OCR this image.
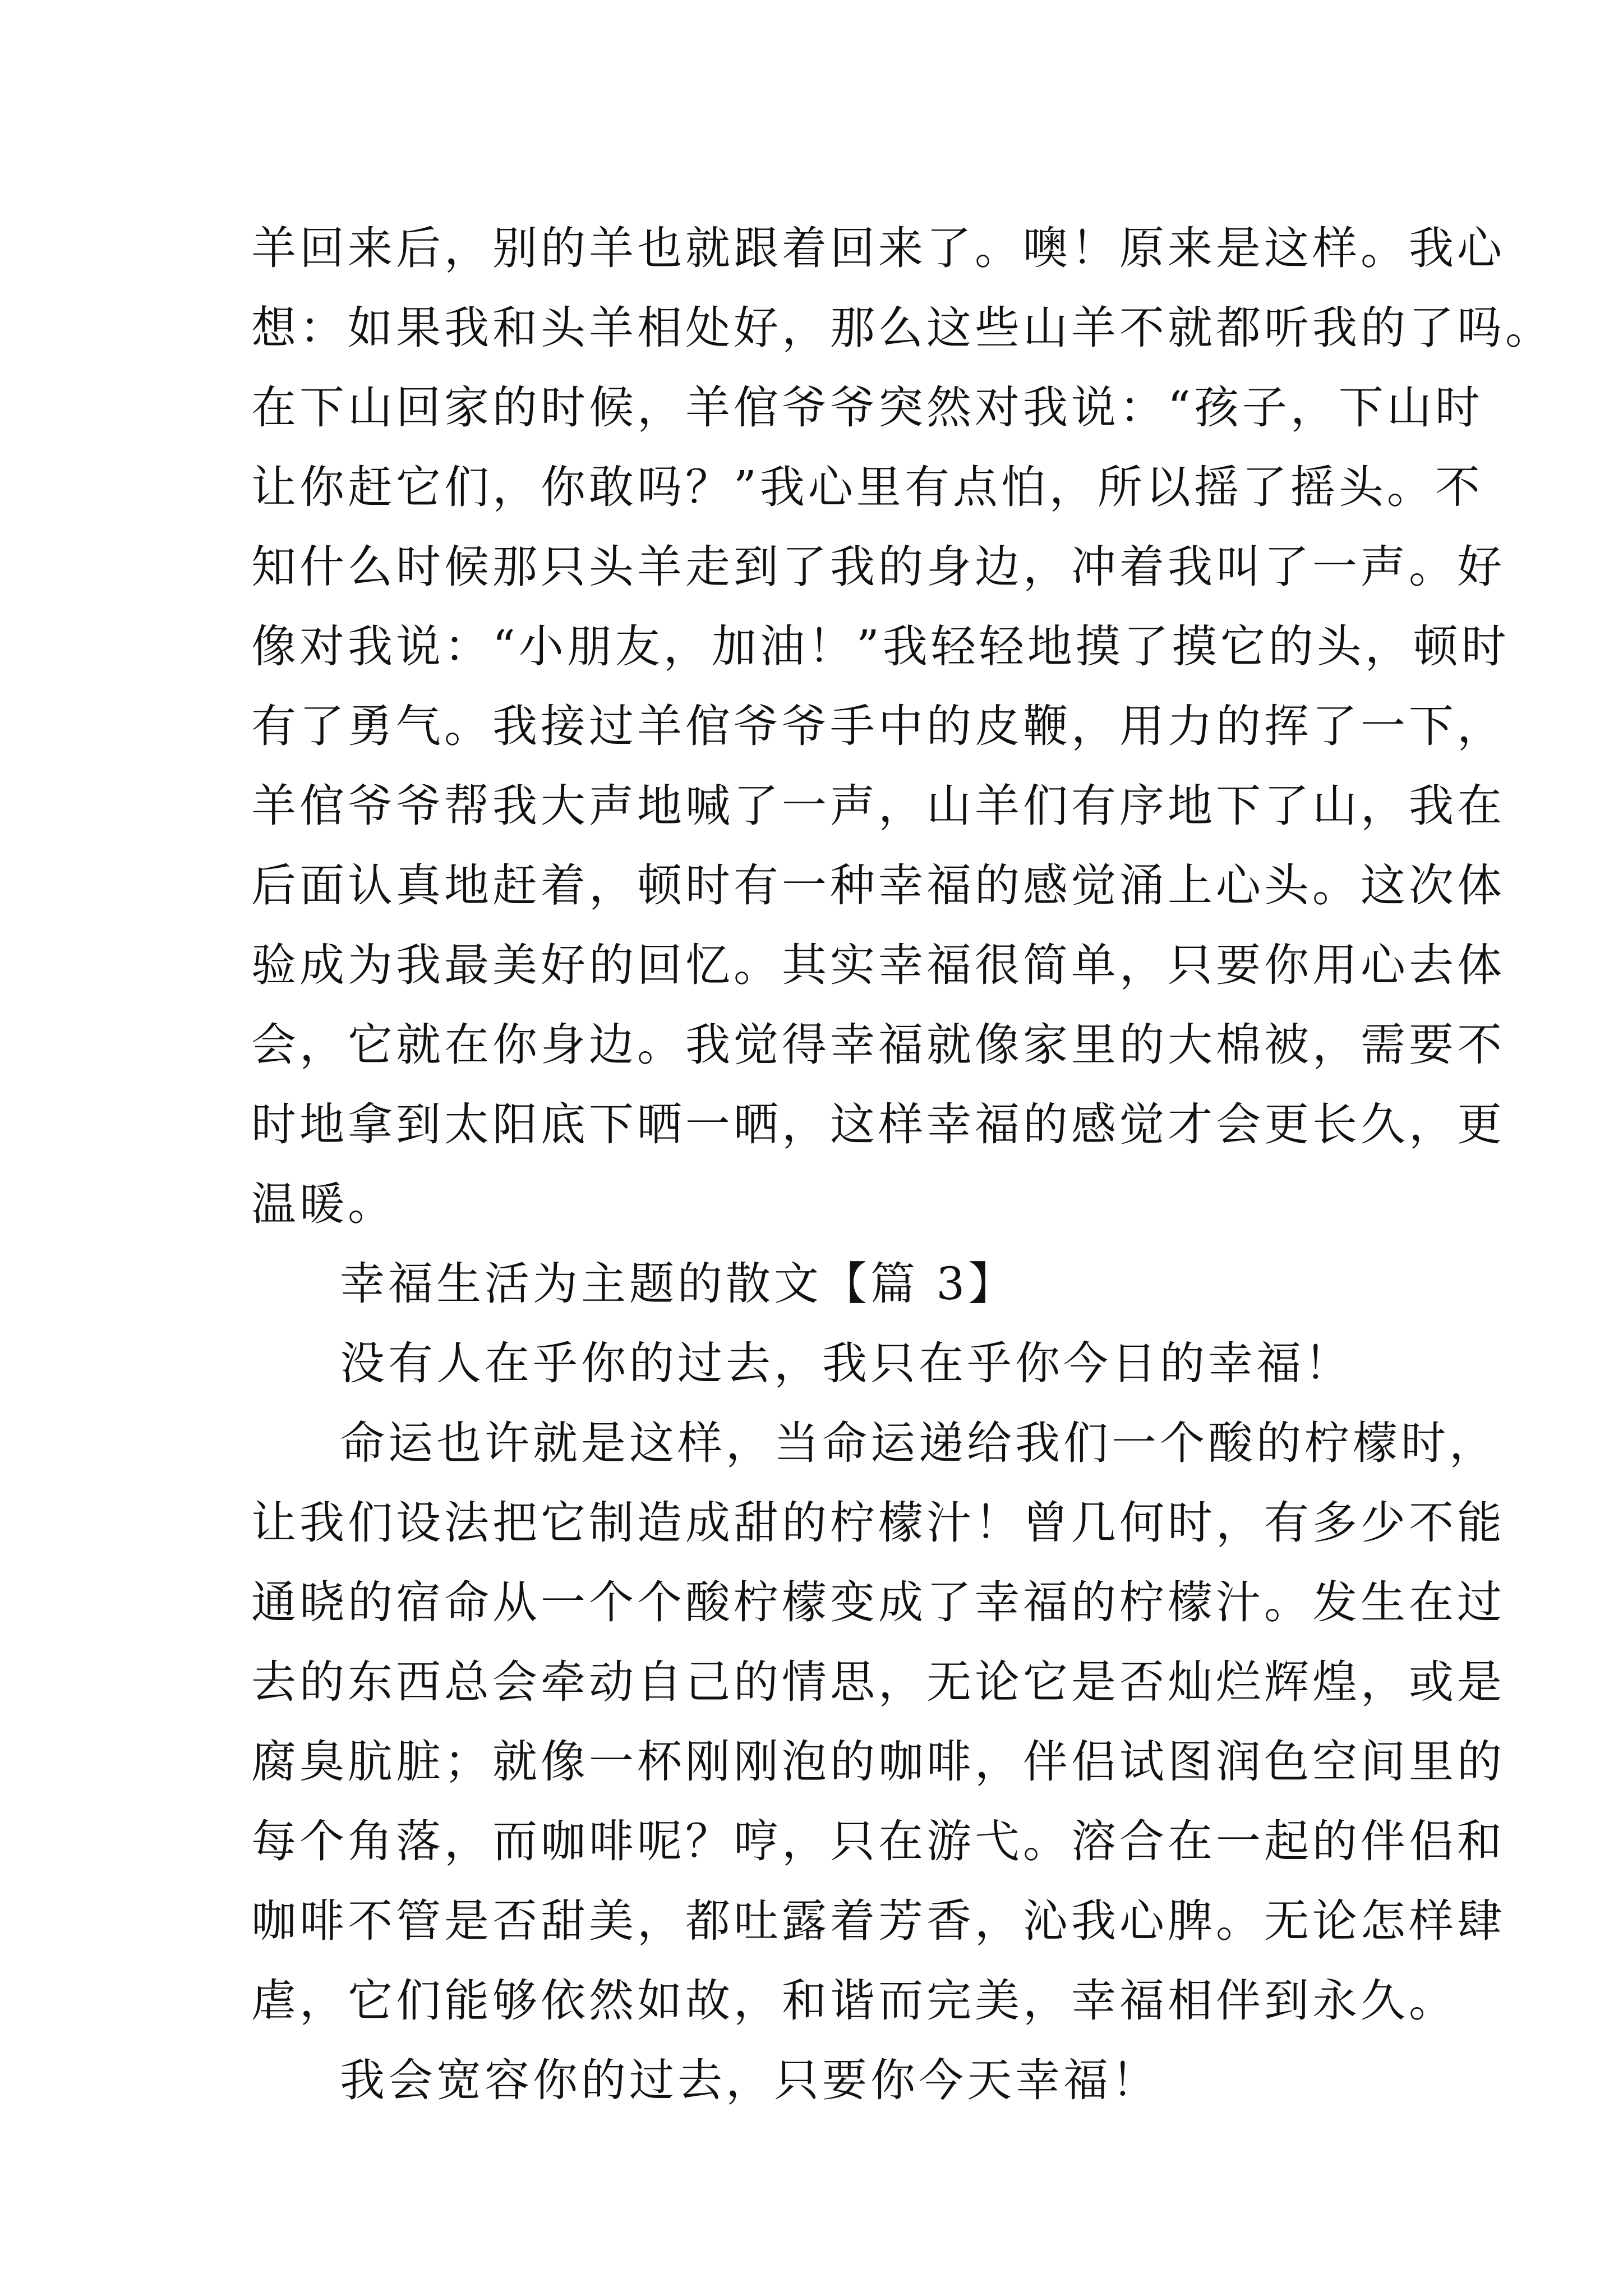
羊回来后，别的羊也就跟着回来了。噢！原来是这样。我心
想：如果我和头羊相处好，那么这些山羊不就都听我的了吗。
在下山回家的时候，羊倌爷爷突然对我说：“孩子，下山时
让你赶它们，你敢吗？”我心里有点怕，所以摇了摇头。不
知什么时候那只头羊走到了我的身边，冲着我叫了一声。好
像对我说：“小朋友，加油！”我轻轻地摸了摸它的头，顿时
有了勇气。我接过羊倌爷爷手中的皮鞭，用力的挥了一下，
羊倌爷爷帮我大声地喊了一声，山羊们有序地下了山，我在
后面认真地赶着，顿时有一种幸福的感觉涌上心头。这次体
验成为我最美好的回忆。其实幸福很简单，只要你用心去体
会，它就在你身边。我觉得幸福就像家里的大棉被，需要不
时地拿到太阳底下晒一晒，这样幸福的感觉才会更长久，更
温暖。
幸福生活为主题的散文【篇 3】
没有人在乎你的过去，我只在乎你今日的幸福！
命运也许就是这样，当命运递给我们一个酸的柠檬时，
让我们设法把它制造成甜的柠檬汁！曾几何时，有多少不能
通晓的宿命从一个个酸柠檬变成了幸福的柠檬汁。发生在过
去的东西总会牵动自己的情思，无论它是否灿烂辉煌，或是
腐臭肮脏；就像一杯刚刚泡的咖啡，伴侣试图润色空间里的
每个角落，而咖啡呢？哼，只在游弋。溶合在一起的伴侣和
咖啡不管是否甜美，都吐露着芳香，沁我心脾。无论怎样肆
虐，它们能够依然如故，和谐而完美，幸福相伴到永久。
我会宽容你的过去，只要你今天幸福！
